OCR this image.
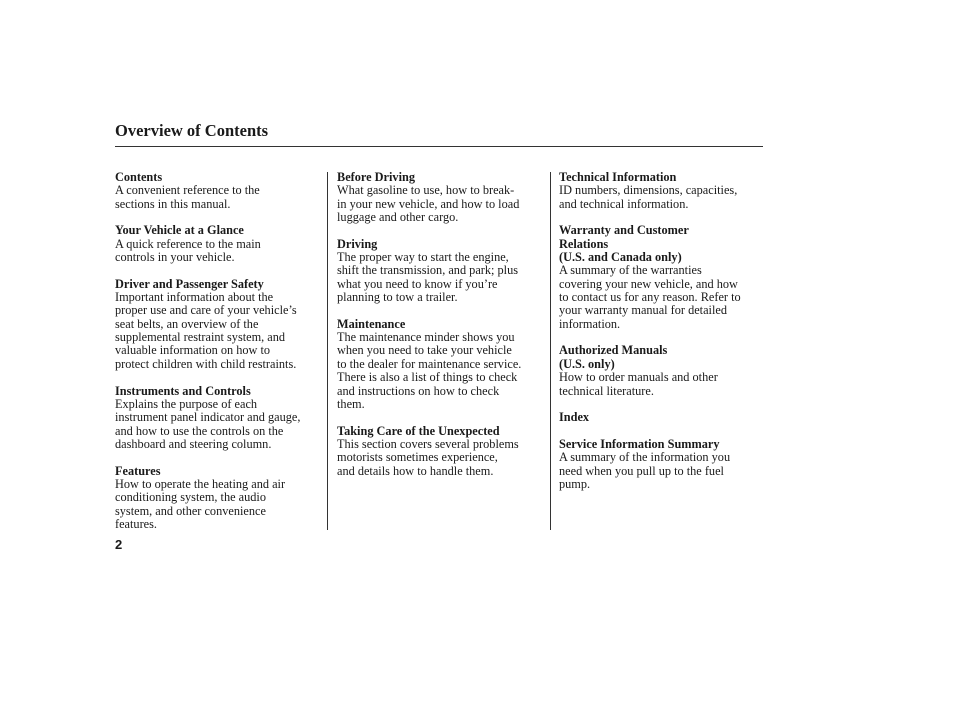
Overview of Contents
Contents
A convenient reference to the
sections in this manual.
Your Vehicle at a Glance
A quick reference to the main
controls in your vehicle.
Driver and Passenger Safety
Important information about the
proper use and care of your vehicle’s
seat belts, an overview of the
supplemental restraint system, and
valuable information on how to
protect children with child restraints.
Instruments and Controls
Explains the purpose of each
instrument panel indicator and gauge,
and how to use the controls on the
dashboard and steering column.
Features
How to operate the heating and air
conditioning system, the audio
system, and other convenience
features.
Before Driving
What gasoline to use, how to break-
in your new vehicle, and how to load
luggage and other cargo.
Driving
The proper way to start the engine,
shift the transmission, and park; plus
what you need to know if you’re
planning to tow a trailer.
Maintenance
The maintenance minder shows you
when you need to take your vehicle
to the dealer for maintenance service.
There is also a list of things to check
and instructions on how to check
them.
Taking Care of the Unexpected
This section covers several problems
motorists sometimes experience,
and details how to handle them.
Technical Information
ID numbers, dimensions, capacities,
and technical information.
Warranty and Customer
Relations
(U.S. and Canada only)
A summary of the warranties
covering your new vehicle, and how
to contact us for any reason. Refer to
your warranty manual for detailed
information.
Authorized Manuals
(U.S. only)
How to order manuals and other
technical literature.
Index
Service Information Summary
A summary of the information you
need when you pull up to the fuel
pump.
2
